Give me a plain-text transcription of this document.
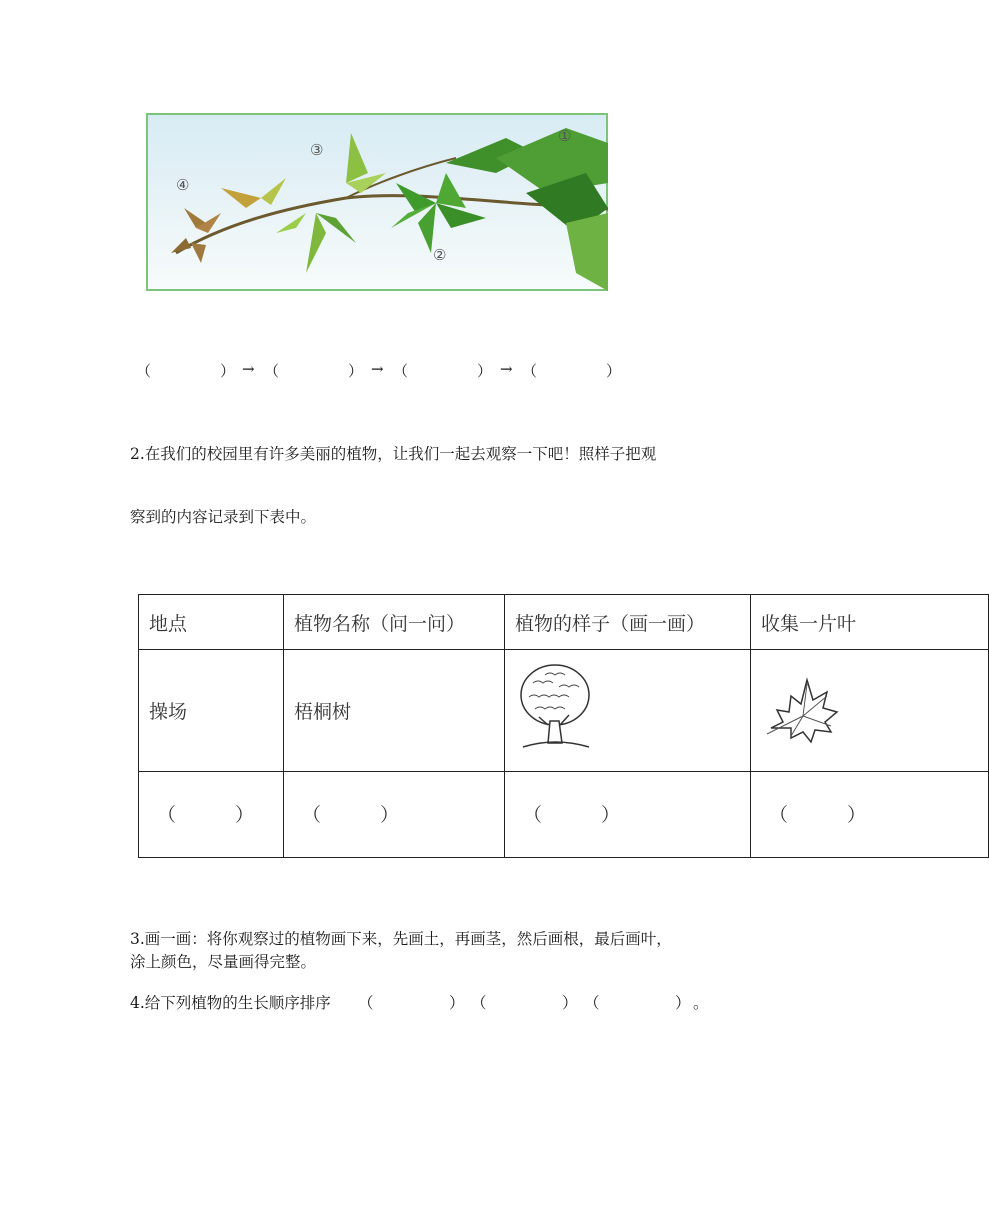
①
②
③
④
（	） → （	） → （	） → （	）
2.在我们的校园里有许多美丽的植物，让我们一起去观察一下吧！照样子把观
察到的内容记录到下表中。
地点	植物名称（问一问）	植物的样子（画一画）	收集一片叶
操场	梧桐树		

（ ）	（ ）	（ ）	（ ）
3.画一画：将你观察过的植物画下来，先画土，再画茎，然后画根，最后画叶，
涂上颜色，尽量画得完整。
4.给下列植物的生长顺序排序 （	） （	） （	） 。
